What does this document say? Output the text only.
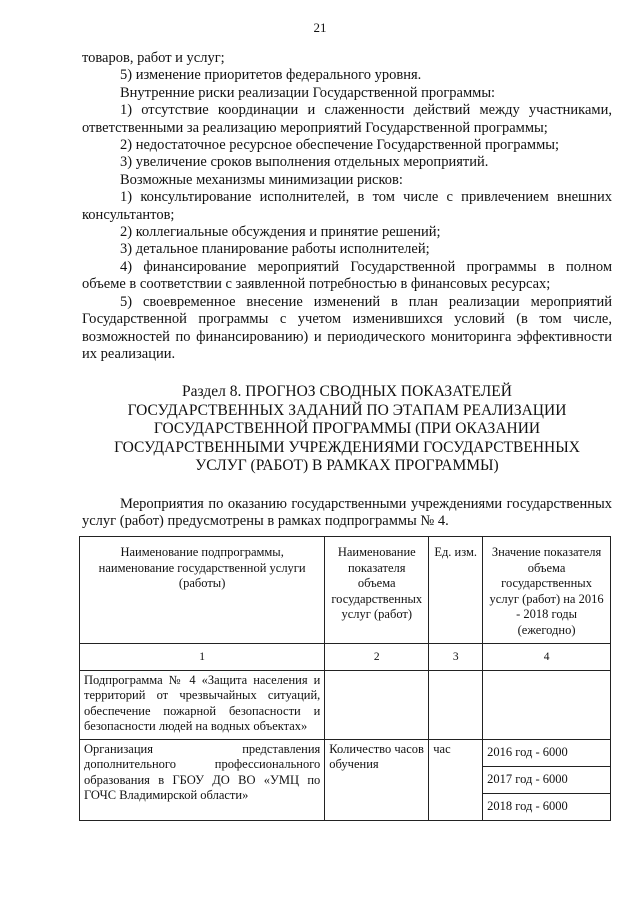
21

товаров, работ и услуг;

5) изменение приоритетов федерального уровня.

Внутренние риски реализации Государственной программы:

1) отсутствие координации и слаженности действий между участниками, ответственными за реализацию мероприятий Государственной программы;

2) недостаточное ресурсное обеспечение Государственной программы;

3) увеличение сроков выполнения отдельных мероприятий.

Возможные механизмы минимизации рисков:

1) консультирование исполнителей, в том числе с привлечением внешних консультантов;

2) коллегиальные обсуждения и принятие решений;

3) детальное планирование работы исполнителей;

4) финансирование мероприятий Государственной программы в полном объеме в соответствии с заявленной потребностью в финансовых ресурсах;

5) своевременное внесение изменений в план реализации мероприятий Государственной программы с учетом изменившихся условий (в том числе, возможностей по финансированию) и периодического мониторинга эффективности их реализации.

Раздел 8. ПРОГНОЗ СВОДНЫХ ПОКАЗАТЕЛЕЙ
ГОСУДАРСТВЕННЫХ ЗАДАНИЙ ПО ЭТАПАМ РЕАЛИЗАЦИИ
ГОСУДАРСТВЕННОЙ ПРОГРАММЫ (ПРИ ОКАЗАНИИ
ГОСУДАРСТВЕННЫМИ УЧРЕЖДЕНИЯМИ ГОСУДАРСТВЕННЫХ
УСЛУГ (РАБОТ) В РАМКАХ ПРОГРАММЫ)

Мероприятия по оказанию государственными учреждениями государственных услуг (работ) предусмотрены в рамках подпрограммы № 4.

Наименование подпрограммы, наименование государственной услуги (работы)	Наименование показателя объема государственных услуг (работ)	Ед. изм.	Значение показателя объема государственных услуг (работ) на 2016 - 2018 годы (ежегодно)
1	2	3	4
Подпрограмма № 4 «Защита населения и территорий от чрезвычайных ситуаций, обеспечение пожарной безопасности и безопасности людей на водных объектах»			
Организация представления дополнительного профессионального образования в ГБОУ ДО ВО «УМЦ по ГОЧС Владимирской области»	Количество часов обучения	час	2016 год - 6000
			2017 год - 6000
			2018 год - 6000
